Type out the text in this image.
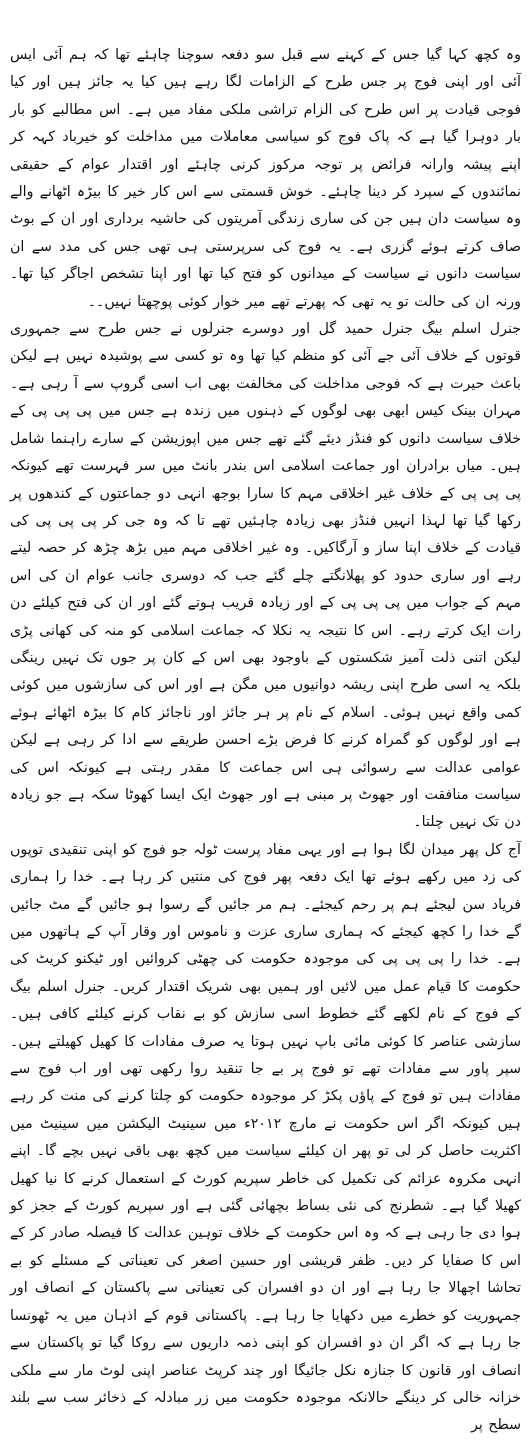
وہ کچھ کہا گیا جس کے کہنے سے قبل سو دفعہ سوچنا چاہئے تھا کہ ہم آئی ایس آئی اور اپنی فوج پر جس طرح کے الزامات لگا رہے ہیں کیا یہ جائز ہیں اور کیا فوجی قیادت پر اس طرح کی الزام تراشی ملکی مفاد میں ہے۔ اس مطالبے کو بار بار دوہرا گیا ہے کہ پاک فوج کو سیاسی معاملات میں مداخلت کو خیرباد کہہ کر اپنے پیشہ وارانہ فرائض پر توجہ مرکوز کرنی چاہئے اور اقتدار عوام کے حقیقی نمائندوں کے سپرد کر دینا چاہئے۔ خوش قسمتی سے اس کار خیر کا بیڑہ اٹھانے والے وہ سیاست دان ہیں جن کی ساری زندگی آمریتوں کی حاشیہ برداری اور ان کے بوٹ صاف کرتے ہوئے گزری ہے۔ یہ فوج کی سرپرستی ہی تھی جس کی مدد سے ان سیاست دانوں نے سیاست کے میدانوں کو فتح کیا تھا اور اپنا تشخص اجاگر کیا تھا۔ ورنہ ان کی حالت تو یہ تھی کہ پھرتے تھے میر خوار کوئی پوچھتا نہیں۔۔

جنرل اسلم بیگ جنرل حمید گل اور دوسرے جنرلوں نے جس طرح سے جمہوری قوتوں کے خلاف آئی جے آئی کو منظم کیا تھا وہ تو کسی سے پوشیدہ نہیں ہے لیکن باعث حیرت ہے کہ فوجی مداخلت کی مخالفت بھی اب اسی گروپ سے آ رہی ہے۔ مہران بینک کیس ابھی بھی لوگوں کے ذہنوں میں زندہ ہے جس میں پی پی پی کے خلاف سیاست دانوں کو فنڈز دیئے گئے تھے جس میں اپوزیشن کے سارے راہنما شامل ہیں۔ میاں برادران اور جماعت اسلامی اس بندر بانٹ میں سر فہرست تھے کیونکہ پی پی پی کے خلاف غیر اخلاقی مہم کا سارا بوجھ انہی دو جماعتوں کے کندھوں پر رکھا گیا تھا لہذا انہیں فنڈز بھی زیادہ چاہئیں تھے تا کہ وہ جی کر پی پی پی کی قیادت کے خلاف اپنا ساز و آرگاکیں۔ وہ غیر اخلاقی مہم میں بڑھ چڑھ کر حصہ لیتے رہے اور ساری حدود کو پھلانگتے چلے گئے جب کہ دوسری جانب عوام ان کی اس مہم کے جواب میں پی پی پی کے اور زیادہ قریب ہوتے گئے اور ان کی فتح کیلئے دن رات ایک کرتے رہے۔ اس کا نتیجہ یہ نکلا کہ جماعت اسلامی کو منہ کی کھانی پڑی لیکن اتنی ذلت آمیز شکستوں کے باوجود بھی اس کے کان پر جوں تک نہیں رینگی بلکہ یہ اسی طرح اپنی ریشہ دوانیوں میں مگن ہے اور اس کی سازشوں میں کوئی کمی واقع نہیں ہوئی۔ اسلام کے نام پر ہر جائز اور ناجائز کام کا بیڑہ اٹھائے ہوئے ہے اور لوگوں کو گمراہ کرنے کا فرض بڑے احسن طریقے سے ادا کر رہی ہے لیکن عوامی عدالت سے رسوائی ہی اس جماعت کا مقدر رہتی ہے کیونکہ اس کی سیاست منافقت اور جھوٹ پر مبنی ہے اور جھوٹ ایک ایسا کھوٹا سکہ ہے جو زیادہ دن تک نہیں چلتا۔

آج کل پھر میدان لگا ہوا ہے اور یہی مفاد پرست ٹولہ جو فوج کو اپنی تنقیدی توپوں کی زد میں رکھے ہوئے تھا ایک دفعہ پھر فوج کی منتیں کر رہا ہے۔ خدا را ہماری فریاد سن لیجئے ہم پر رحم کیجئے۔ ہم مر جائیں گے رسوا ہو جائیں گے مٹ جائیں گے خدا را کچھ کیجئے کہ ہماری ساری عزت و ناموس اور وقار آپ کے ہاتھوں میں ہے۔ خدا را پی پی پی کی موجودہ حکومت کی چھٹی کروائیں اور ٹیکنو کریٹ کی حکومت کا قیام عمل میں لائیں اور ہمیں بھی شریک اقتدار کریں۔ جنرل اسلم بیگ کے فوج کے نام لکھے گئے خطوط اسی سازش کو بے نقاب کرنے کیلئے کافی ہیں۔ سازشی عناصر کا کوئی مائی باپ نہیں ہوتا یہ صرف مفادات کا کھیل کھیلتے ہیں۔ سپر پاور سے مفادات تھے تو فوج پر بے جا تنقید روا رکھی تھی اور اب فوج سے مفادات ہیں تو فوج کے پاؤں پکڑ کر موجودہ حکومت کو چلتا کرنے کی منت کر رہے ہیں کیونکہ اگر اس حکومت نے مارچ ۲۰۱۲ء میں سینیٹ الیکشن میں سینیٹ میں اکثریت حاصل کر لی تو پھر ان کیلئے سیاست میں کچھ بھی باقی نہیں بچے گا۔ اپنے انہی مکروہ عزائم کی تکمیل کی خاطر سپریم کورٹ کے استعمال کرنے کا نیا کھیل کھیلا گیا ہے۔ شطرنج کی نئی بساط بچھائی گئی ہے اور سپریم کورٹ کے ججز کو ہوا دی جا رہی ہے کہ وہ اس حکومت کے خلاف توہین عدالت کا فیصلہ صادر کر کے اس کا صفایا کر دیں۔ ظفر قریشی اور حسین اصغر کی تعیناتی کے مسئلے کو بے تحاشا اچھالا جا رہا ہے اور ان دو افسران کی تعیناتی سے پاکستان کے انصاف اور جمہوریت کو خطرے میں دکھایا جا رہا ہے۔ پاکستانی قوم کے اذہان میں یہ ٹھونسا جا رہا ہے کہ اگر ان دو افسران کو اپنی ذمہ داریوں سے روکا گیا تو پاکستان سے انصاف اور قانون کا جنازہ نکل جائیگا اور چند کرپٹ عناصر اپنی لوٹ مار سے ملکی خزانہ خالی کر دینگے حالانکہ موجودہ حکومت میں زر مبادلہ کے ذخائر سب سے بلند سطح پر
